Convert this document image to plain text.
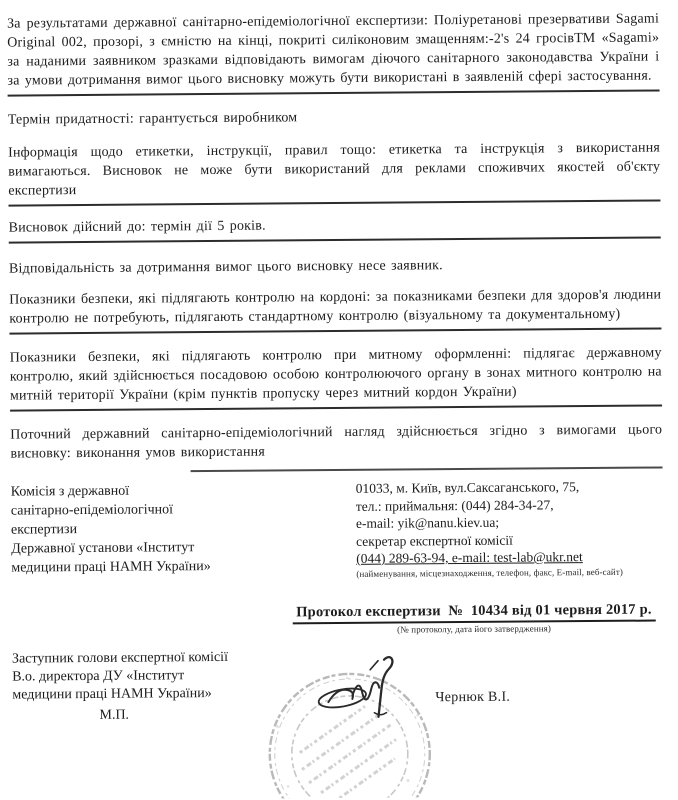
За результатами державної санітарно-епідеміологічної експертизи: Поліуретанові презервативи Sagami Original 002, прозорі, з ємністю на кінці, покриті силіконовим змащенням:-2's 24 гросівТМ «Sagami» за наданими заявником зразками відповідають вимогам діючого санітарного законодавства України і за умови дотримання вимог цього висновку можуть бути використані в заявленій сфері застосування.

Термін придатності: гарантується виробником

Інформація щодо етикетки, інструкції, правил тощо: етикетка та інструкція з використання вимагаються. Висновок не може бути використаний для реклами споживчих якостей об'єкту експертизи

Висновок дійсний до: термін дії 5 років.

Відповідальність за дотримання вимог цього висновку несе заявник.

Показники безпеки, які підлягають контролю на кордоні: за показниками безпеки для здоров'я людини контролю не потребують, підлягають стандартному контролю (візуальному та документальному)

Показники безпеки, які підлягають контролю при митному оформленні: підлягає державному контролю, який здійснюється посадовою особою контролюючого органу в зонах митного контролю на митній території України (крім пунктів пропуску через митний кордон України)

Поточний державний санітарно-епідеміологічний нагляд здійснюється згідно з вимогами цього висновку: виконання умов використання

Комісія з державної
санітарно-епідеміологічної
експертизи
Державної установи «Інститут
медицини праці НАМН України»
01033, м. Київ, вул.Саксаганського, 75,
тел.: приймальня: (044) 284-34-27,
e-mail: yik@nanu.kiev.ua;
секретар експертної комісії
(044) 289-63-94, e-mail: test-lab@ukr.net
(найменування, місцезнаходження, телефон, факс, E-mail, веб-сайт)
Протокол експертизи  №  10434 від 01 червня 2017 р.
(№ протоколу, дата його затвердження)
Заступник голови експертної комісії
В.о. директора ДУ «Інститут
медицини праці НАМН України»
М.П.
Чернюк В.І.
